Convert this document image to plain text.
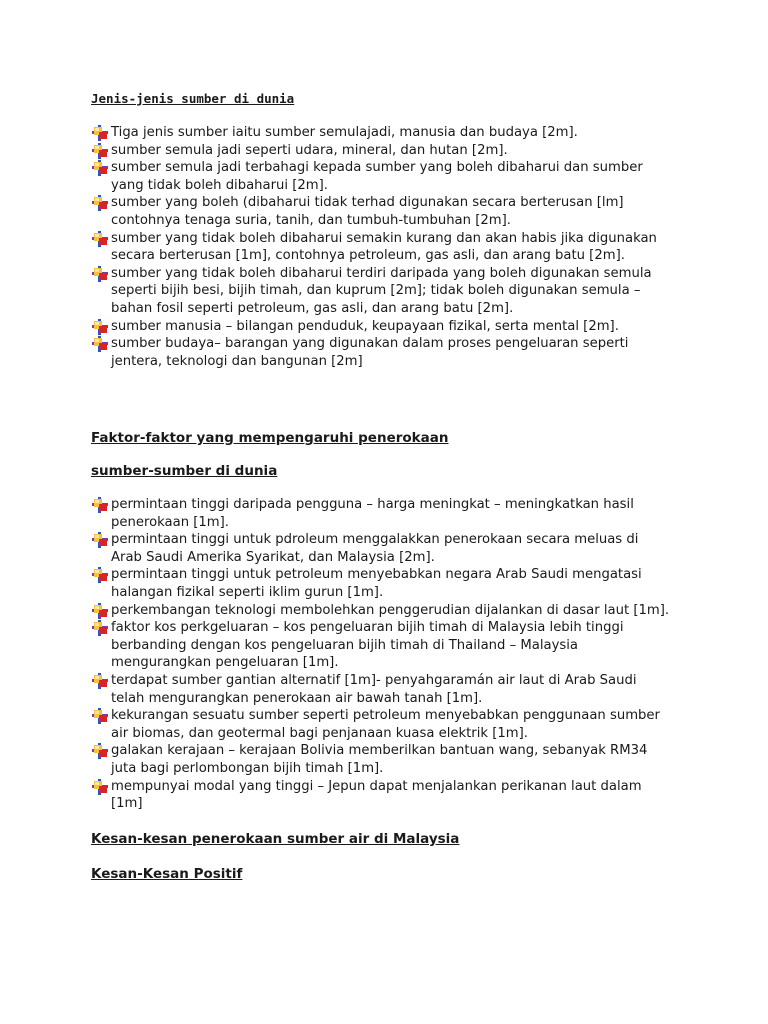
Jenis-jenis sumber di dunia
Tiga jenis sumber iaitu sumber semulajadi, manusia dan budaya [2m].
sumber semula jadi seperti udara, mineral, dan hutan [2m].
sumber semula jadi terbahagi kepada sumber yang boleh dibaharui dan sumber
yang tidak boleh dibaharui [2m].
sumber yang boleh (dibaharui tidak terhad digunakan secara berterusan [lm]
contohnya tenaga suria, tanih, dan tumbuh-tumbuhan [2m].
sumber yang tidak boleh dibaharui semakin kurang dan akan habis jika digunakan
secara berterusan [1m], contohnya petroleum, gas asli, dan arang batu [2m].
sumber yang tidak boleh dibaharui terdiri daripada yang boleh digunakan semula
seperti bijih besi, bijih timah, dan kuprum [2m]; tidak boleh digunakan semula –
bahan fosil seperti petroleum, gas asli, dan arang batu [2m].
sumber manusia – bilangan penduduk, keupayaan fizikal, serta mental [2m].
sumber budaya– barangan yang digunakan dalam proses pengeluaran seperti
jentera, teknologi dan bangunan [2m]
Faktor-faktor yang mempengaruhi penerokaan
sumber-sumber di dunia
permintaan tinggi daripada pengguna – harga meningkat – meningkatkan hasil
penerokaan [1m].
permintaan tinggi untuk pdroleum menggalakkan penerokaan secara meluas di
Arab Saudi Amerika Syarikat, dan Malaysia [2m].
permintaan tinggi untuk petroleum menyebabkan negara Arab Saudi mengatasi
halangan fizikal seperti iklim gurun [1m].
perkembangan teknologi membolehkan penggerudian dijalankan di dasar laut [1m].
faktor kos perkgeluaran – kos pengeluaran bijih timah di Malaysia lebih tinggi
berbanding dengan kos pengeluaran bijih timah di Thailand – Malaysia
mengurangkan pengeluaran [1m].
terdapat sumber gantian alternatif [1m]- penyahgaramán air laut di Arab Saudi
telah mengurangkan penerokaan air bawah tanah [1m].
kekurangan sesuatu sumber seperti petroleum menyebabkan penggunaan sumber
air biomas, dan geotermal bagi penjanaan kuasa elektrik [1m].
galakan kerajaan – kerajaan Bolivia memberilkan bantuan wang, sebanyak RM34
juta bagi perlombongan bijih timah [1m].
mempunyai modal yang tinggi – Jepun dapat menjalankan perikanan laut dalam
[1m]
Kesan-kesan penerokaan sumber air di Malaysia
Kesan-Kesan Positif
